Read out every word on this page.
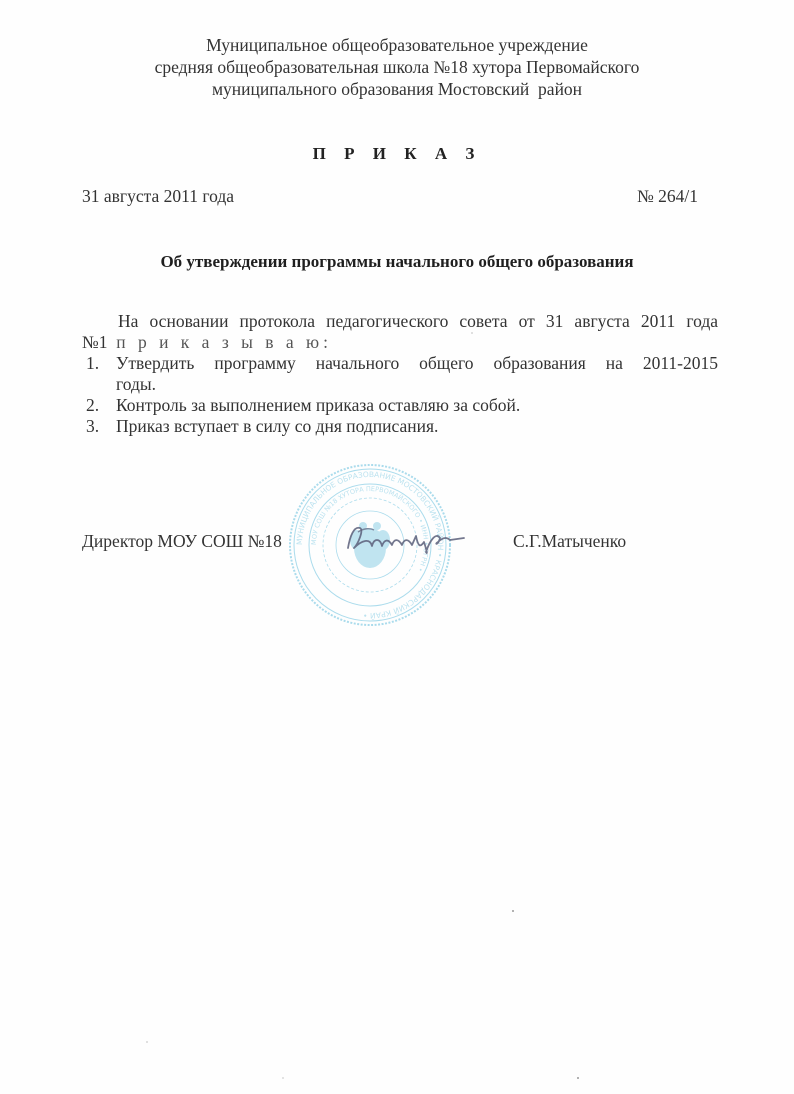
Муниципальное общеобразовательное учреждение
средняя общеобразовательная школа №18 хутора Первомайского
муниципального образования Мостовский  район
П Р И К А З
31 августа 2011 года	№ 264/1
Об утверждении программы начального общего образования
На основании протокола педагогического совета от 31 августа 2011 года
№1  п р и к а з ы в а ю:
1. Утвердить программу начального общего образования на 2011-2015
годы.
2. Контроль за выполнением приказа оставляю за собой.
3. Приказ вступает в силу со дня подписания.
МУНИЦИПАЛЬНОЕ ОБРАЗОВАНИЕ МОСТОВСКИЙ РАЙОН • КРАСНОДАРСКИЙ КРАЙ •
МОУ СОШ №18 ХУТОРА ПЕРВОМАЙСКОГО • ИНН • ОГРН •
Директор МОУ СОШ №18	С.Г.Матыченко
